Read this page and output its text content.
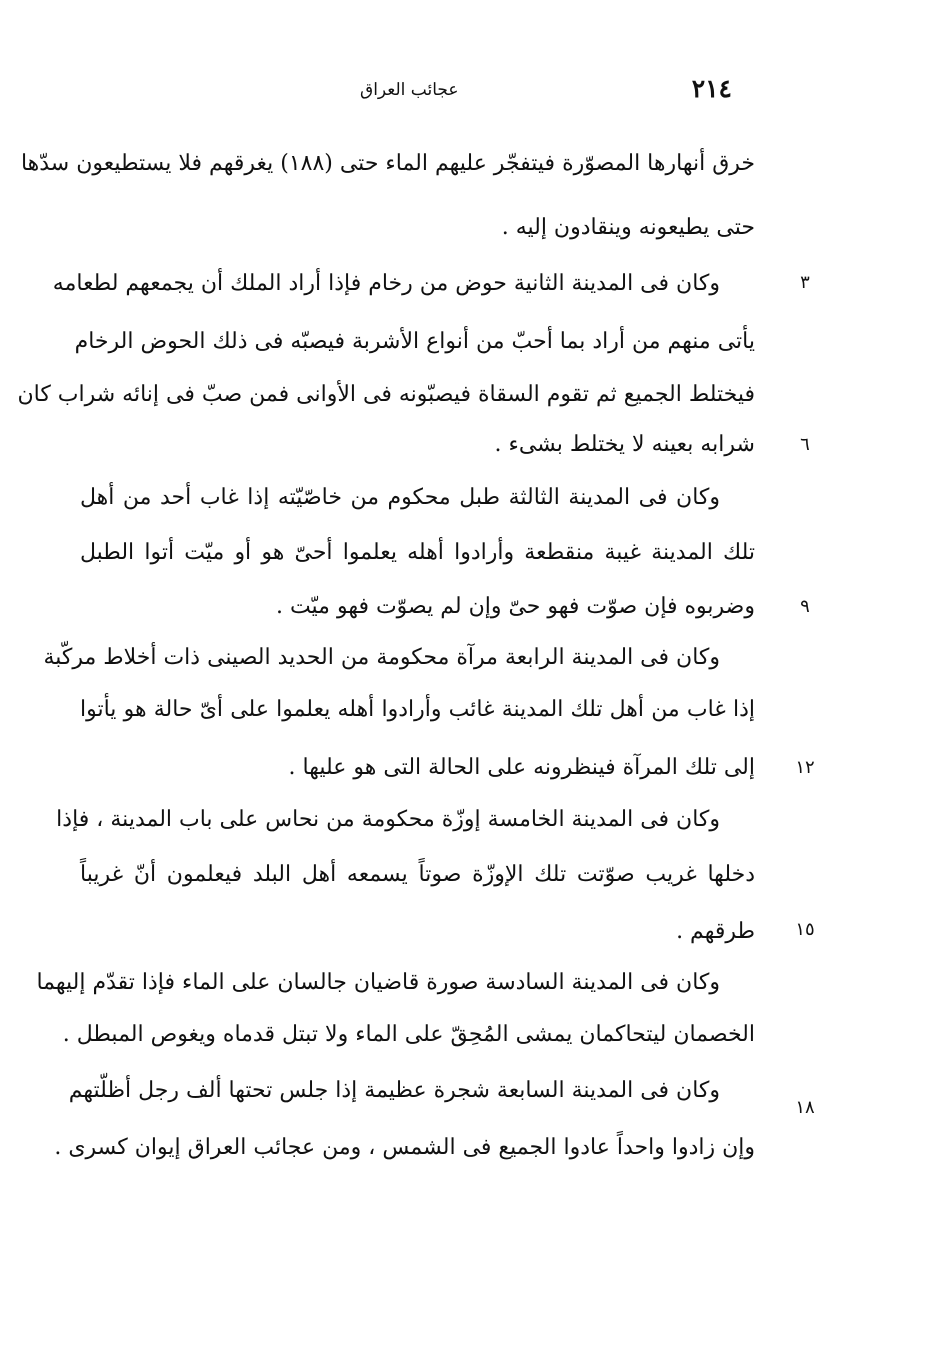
٢١٤
عجائب العراق
خرق أنهارها المصوّرة فيتفجّر عليهم الماء حتى (١٨٨) يغرقهم فلا يستطيعون سدّها
حتى يطيعونه وينقادون إليه .
وكان فى المدينة الثانية حوض من رخام فإذا أراد الملك أن يجمعهم لطعامه
يأتى منهم من أراد بما أحبّ من أنواع الأشربة فيصبّه فى ذلك الحوض الرخام
فيختلط الجميع ثم تقوم السقاة فيصبّونه فى الأوانى فمن صبّ فى إنائه شراب كان
شرابه بعينه لا يختلط بشىء .
وكان فى المدينة الثالثة طبل محكوم من خاصّيّته إذا غاب أحد من أهل
تلك المدينة غيبة منقطعة وأرادوا أهله يعلموا أحىّ هو أو ميّت أتوا الطبل
وضربوه فإن صوّت فهو حىّ وإن لم يصوّت فهو ميّت .
وكان فى المدينة الرابعة مرآة محكومة من الحديد الصينى ذات أخلاط مركّبة
إذا غاب من أهل تلك المدينة غائب وأرادوا أهله يعلموا على أىّ حالة هو يأتوا
إلى تلك المرآة فينظرونه على الحالة التى هو عليها .
وكان فى المدينة الخامسة إوزّة محكومة من نحاس على باب المدينة ، فإذا
دخلها غريب صوّتت تلك الإوزّة صوتاً يسمعه أهل البلد فيعلمون أنّ غريباً
طرقهم .
وكان فى المدينة السادسة صورة قاضيان جالسان على الماء فإذا تقدّم إليهما
الخصمان ليتحاكمان يمشى المُحِقّ على الماء ولا تبتل قدماه ويغوص المبطل .
وكان فى المدينة السابعة شجرة عظيمة إذا جلس تحتها ألف رجل أظلّتهم
وإن زادوا واحداً عادوا الجميع فى الشمس ، ومن عجائب العراق إيوان كسرى .
٣
٦
٩
١٢
١٥
١٨
